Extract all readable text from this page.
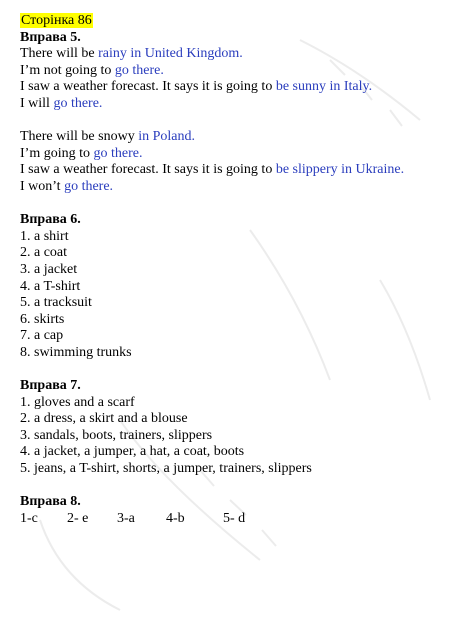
Сторінка 86
Вправа 5.
There will be rainy in United Kingdom.
I’m not going to go there.
I saw a weather forecast. It says it is going to be sunny in Italy.
I will go there.
There will be snowy in Poland.
I’m going to go there.
I saw a weather forecast. It says it is going to be slippery in Ukraine.
I won’t go there.
Вправа 6.
1. a shirt
2. a coat
3. a jacket
4. a T-shirt
5. a tracksuit
6. skirts
7. a cap
8. swimming trunks
Вправа 7.
1. gloves and a scarf
2. a dress, a skirt and a blouse
3. sandals, boots, trainers, slippers
4. a jacket, a jumper, a hat, a coat, boots
5. jeans, a T-shirt, shorts, a jumper, trainers, slippers
Вправа 8.
1-c 2- e 3-a 4-b	5- d
